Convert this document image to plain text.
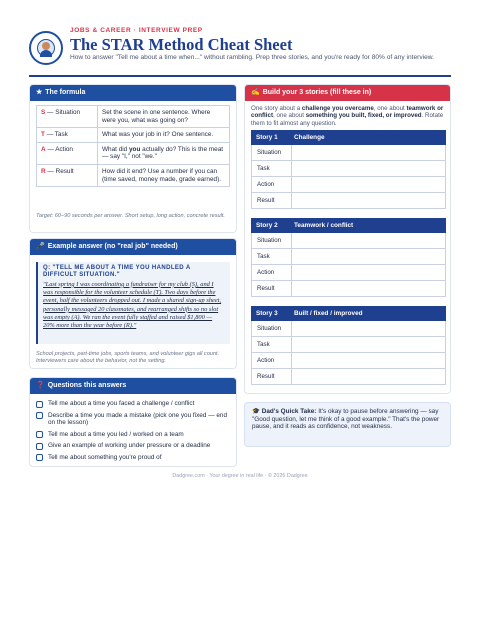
JOBS & CAREER · INTERVIEW PREP
The STAR Method Cheat Sheet
How to answer "Tell me about a time when..." without rambling. Prep three stories, and you're ready for 80% of any interview.
★ The formula
S — Situation	Set the scene in one sentence. Where were you, what was going on?
T — Task	What was your job in it? One sentence.
A — Action	What did you actually do? This is the meat — say "I," not "we."
R — Result	How did it end? Use a number if you can (time saved, money made, grade earned).
Target: 60–90 seconds per answer. Short setup, long action, concrete result.
🎤 Example answer (no "real job" needed)
Q: "TELL ME ABOUT A TIME YOU HANDLED A DIFFICULT SITUATION."
"Last spring I was coordinating a fundraiser for my club (S), and I was responsible for the volunteer schedule (T). Two days before the event, half the volunteers dropped out. I made a shared sign-up sheet, personally messaged 20 classmates, and rearranged shifts so no slot was empty (A). We ran the event fully staffed and raised $1,800 — 20% more than the year before (R)."
School projects, part-time jobs, sports teams, and volunteer gigs all count. Interviewers care about the behavior, not the setting.
❓ Questions this answers
Tell me about a time you faced a challenge / conflict
Describe a time you made a mistake (pick one you fixed — end on the lesson)
Tell me about a time you led / worked on a team
Give an example of working under pressure or a deadline
Tell me about something you're proud of
✍ Build your 3 stories (fill these in)
One story about a challenge you overcame, one about teamwork or conflict, one about something you built, fixed, or improved. Rotate them to fit almost any question.
Story 1	Challenge
Situation
Task
Action
Result
Story 2	Teamwork / conflict
Situation
Task
Action
Result
Story 3	Built / fixed / improved
Situation
Task
Action
Result
🎓 Dad's Quick Take: It's okay to pause before answering — say "Good question, let me think of a good example." That's the power pause, and it reads as confidence, not weakness.
Dadgree.com · Your degree in real life · © 2026 Dadgree
